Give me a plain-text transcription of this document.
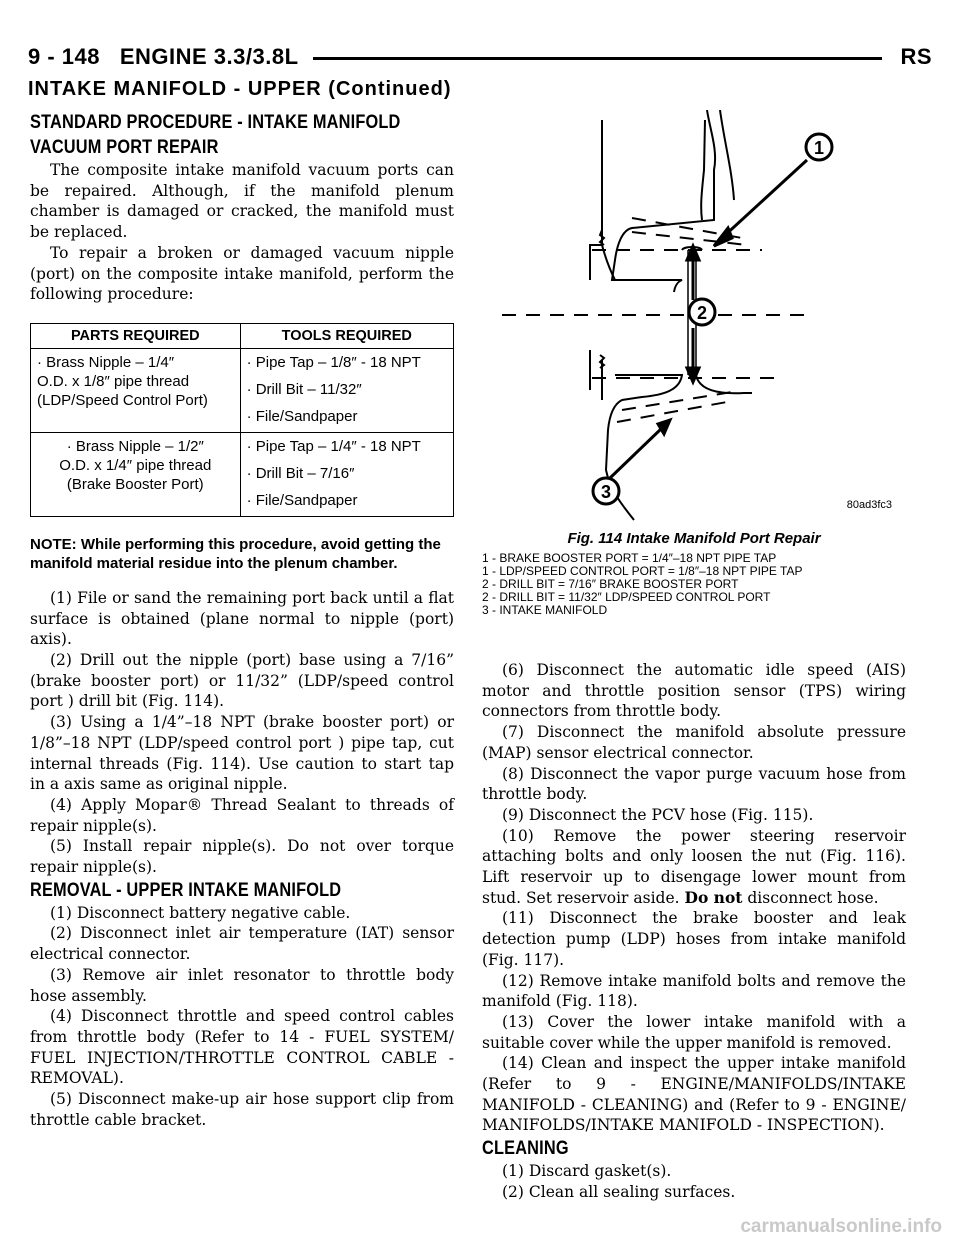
9 - 148 ENGINE 3.3/3.8L	RS
INTAKE MANIFOLD - UPPER (Continued)
STANDARD PROCEDURE - INTAKE MANIFOLD
VACUUM PORT REPAIR

The composite intake manifold vacuum ports can be repaired. Although, if the manifold plenum chamber is damaged or cracked, the manifold must be replaced.

To repair a broken or damaged vacuum nipple (port) on the composite intake manifold, perform the following procedure:

PARTS REQUIRED	TOOLS REQUIRED
· Brass Nipple – 1/4″
O.D. x 1/8″ pipe thread
(LDP/Speed Control Port)	· Pipe Tap – 1/8″ - 18 NPT
· Drill Bit – 11/32″
· File/Sandpaper

· Brass Nipple – 1/2″
O.D. x 1/4″ pipe thread
(Brake Booster Port)	· Pipe Tap – 1/4″ - 18 NPT
· Drill Bit – 7/16″
· File/Sandpaper
NOTE: While performing this procedure, avoid getting the manifold material residue into the plenum chamber.

(1) File or sand the remaining port back until a flat surface is obtained (plane normal to nipple (port) axis).

(2) Drill out the nipple (port) base using a 7/16” (brake booster port) or 11/32” (LDP/speed control port ) drill bit (Fig. 114).

(3) Using a 1/4”–18 NPT (brake booster port) or 1/8”–18 NPT (LDP/speed control port ) pipe tap, cut internal threads (Fig. 114). Use caution to start tap in a axis same as original nipple.

(4) Apply Mopar® Thread Sealant to threads of repair nipple(s).

(5) Install repair nipple(s). Do not over torque repair nipple(s).

REMOVAL - UPPER INTAKE MANIFOLD

(1) Disconnect battery negative cable.

(2) Disconnect inlet air temperature (IAT) sensor electrical connector.

(3) Remove air inlet resonator to throttle body hose assembly.

(4) Disconnect throttle and speed control cables from throttle body (Refer to 14 - FUEL SYSTEM/ FUEL INJECTION/THROTTLE CONTROL CABLE - REMOVAL).

(5) Disconnect make-up air hose support clip from throttle cable bracket.

1
2
3
80ad3fc3
Fig. 114 Intake Manifold Port Repair
1 - BRAKE BOOSTER PORT = 1/4″–18 NPT PIPE TAP
1 - LDP/SPEED CONTROL PORT = 1/8″–18 NPT PIPE TAP
2 - DRILL BIT = 7/16″ BRAKE BOOSTER PORT
2 - DRILL BIT = 11/32″ LDP/SPEED CONTROL PORT
3 - INTAKE MANIFOLD

(6) Disconnect the automatic idle speed (AIS) motor and throttle position sensor (TPS) wiring connectors from throttle body.

(7) Disconnect the manifold absolute pressure (MAP) sensor electrical connector.

(8) Disconnect the vapor purge vacuum hose from throttle body.

(9) Disconnect the PCV hose (Fig. 115).

(10) Remove the power steering reservoir attaching bolts and only loosen the nut (Fig. 116). Lift reservoir up to disengage lower mount from stud. Set reservoir aside. Do not disconnect hose.

(11) Disconnect the brake booster and leak detection pump (LDP) hoses from intake manifold (Fig. 117).

(12) Remove intake manifold bolts and remove the manifold (Fig. 118).

(13) Cover the lower intake manifold with a suitable cover while the upper manifold is removed.

(14) Clean and inspect the upper intake manifold (Refer to 9 - ENGINE/MANIFOLDS/INTAKE MANIFOLD - CLEANING) and (Refer to 9 - ENGINE/ MANIFOLDS/INTAKE MANIFOLD - INSPECTION).

CLEANING

(1) Discard gasket(s).

(2) Clean all sealing surfaces.

carmanualsonline.info
